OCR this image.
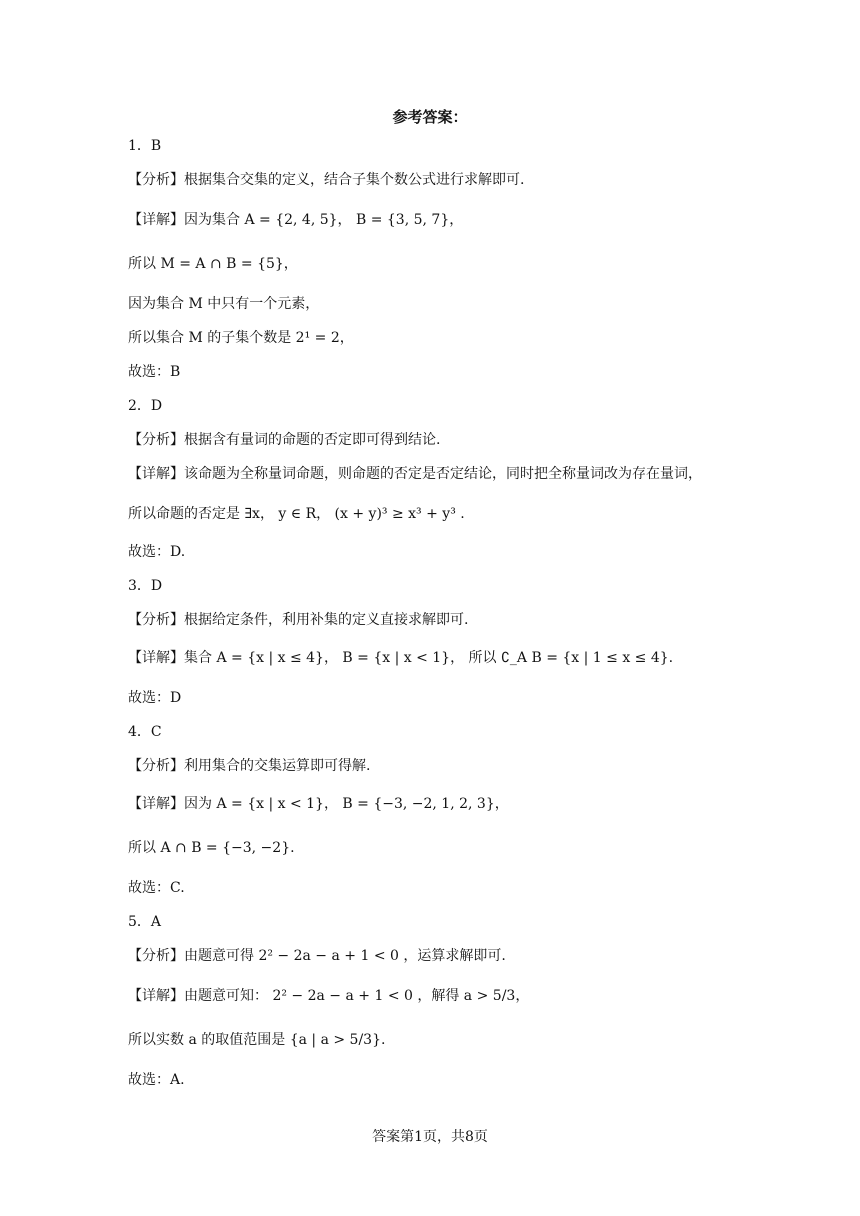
参考答案：
1．B
【分析】根据集合交集的定义，结合子集个数公式进行求解即可.
【详解】因为集合 A = {2, 4, 5}， B = {3, 5, 7}，
所以 M = A ∩ B = {5}，
因为集合 M 中只有一个元素，
所以集合 M 的子集个数是 2¹ = 2，
故选：B
2．D
【分析】根据含有量词的命题的否定即可得到结论.
【详解】该命题为全称量词命题，则命题的否定是否定结论，同时把全称量词改为存在量词，
所以命题的否定是 ∃x， y ∈ R， (x + y)³ ≥ x³ + y³ .
故选：D.
3．D
【分析】根据给定条件，利用补集的定义直接求解即可.
【详解】集合 A = {x | x ≤ 4}， B = {x | x < 1}， 所以 ∁_A B = {x | 1 ≤ x ≤ 4}.
故选：D
4．C
【分析】利用集合的交集运算即可得解.
【详解】因为 A = {x | x < 1}， B = {−3, −2, 1, 2, 3}，
所以 A ∩ B = {−3, −2}.
故选：C.
5．A
【分析】由题意可得 2² − 2a − a + 1 < 0 ，运算求解即可.
【详解】由题意可知： 2² − 2a − a + 1 < 0 ，解得 a > 5/3，
所以实数 a 的取值范围是 {a | a > 5/3}.
故选：A.
答案第1页，共8页
